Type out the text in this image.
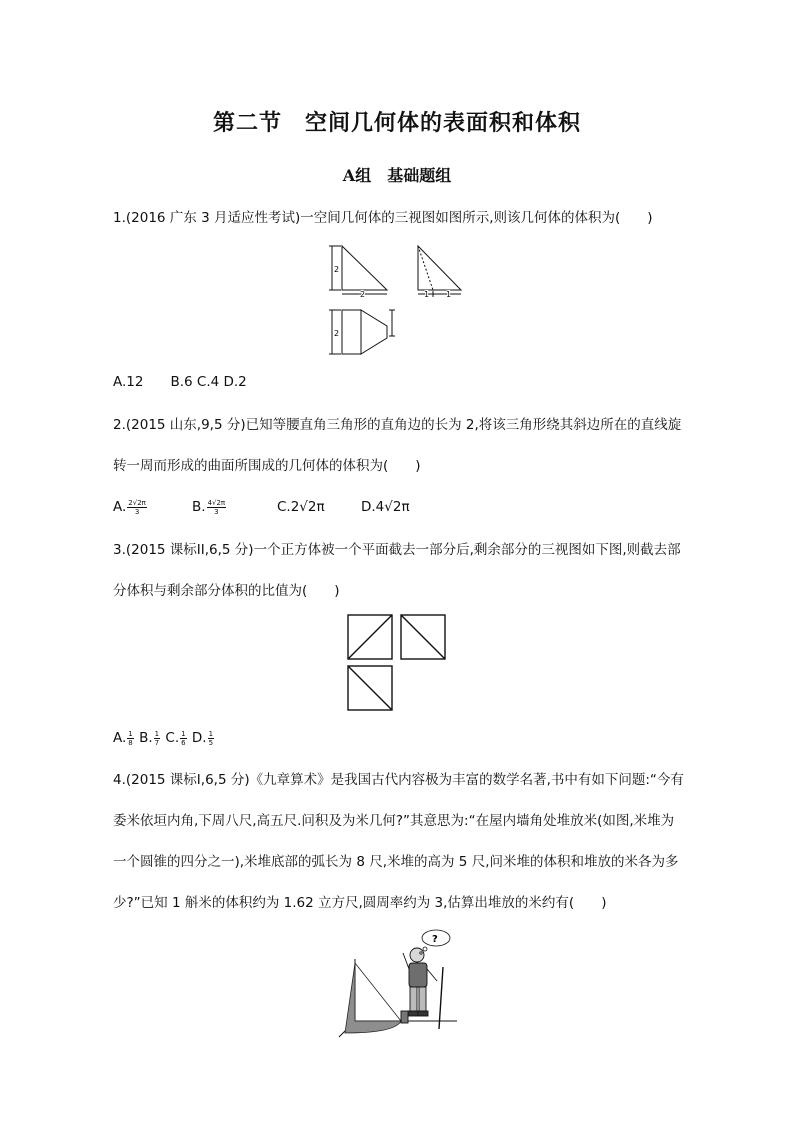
第二节　空间几何体的表面积和体积
A组　基础题组
1.(2016 广东 3 月适应性考试)一空间几何体的三视图如图所示,则该几何体的体积为(　　)
2
2	1 1
2
A.12　　B.6 C.4 D.2
2.(2015 山东,9,5 分)已知等腰直角三角形的直角边的长为 2,将该三角形绕其斜边所在的直线旋
转一周而形成的曲面所围成的几何体的体积为(　　)
A. $\frac{2√2\pi}{3}$	B. $\frac{4√2\pi}{3}$	C.2√2π	D.4√2π
3.(2015 课标II,6,5 分)一个正方体被一个平面截去一部分后,剩余部分的三视图如下图,则截去部
分体积与剩余部分体积的比值为(　　)
A. $\frac{1}{8} B$. $\frac{1}{7} C$. $\frac{1}{6} D$. $\frac{1}{5}$
4.(2015 课标I,6,5 分)《九章算术》是我国古代内容极为丰富的数学名著,书中有如下问题:“今有
委米依垣内角,下周八尺,高五尺.问积及为米几何?”其意思为:“在屋内墙角处堆放米(如图,米堆为
一个圆锥的四分之一),米堆底部的弧长为 8 尺,米堆的高为 5 尺,问米堆的体积和堆放的米各为多
少?”已知 1 斛米的体积约为 1.62 立方尺,圆周率约为 3,估算出堆放的米约有(　　)
?
